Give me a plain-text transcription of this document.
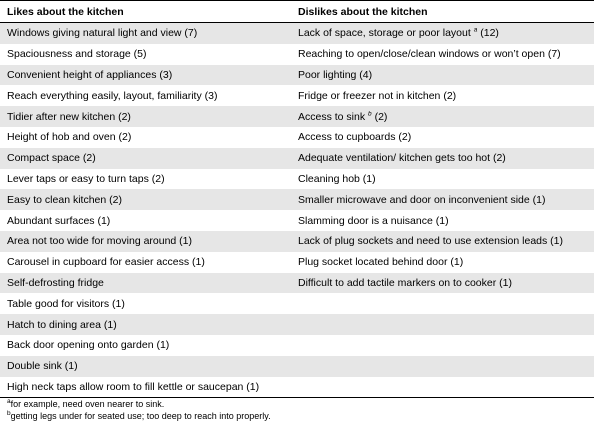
Likes about the kitchen	Dislikes about the kitchen
Windows giving natural light and view (7)	Lack of space, storage or poor layout $^a$ (12)
Spaciousness and storage (5)	Reaching to open/close/clean windows or won’t open (7)
Convenient height of appliances (3)	Poor lighting (4)
Reach everything easily, layout, familiarity (3)	Fridge or freezer not in kitchen (2)
Tidier after new kitchen (2)	Access to sink $^b$ (2)
Height of hob and oven (2)	Access to cupboards (2)
Compact space (2)	Adequate ventilation/ kitchen gets too hot (2)
Lever taps or easy to turn taps (2)	Cleaning hob (1)
Easy to clean kitchen (2)	Smaller microwave and door on inconvenient side (1)
Abundant surfaces (1)	Slamming door is a nuisance (1)
Area not too wide for moving around (1)	Lack of plug sockets and need to use extension leads (1)
Carousel in cupboard for easier access (1)	Plug socket located behind door (1)
Self-defrosting fridge	Difficult to add tactile markers on to cooker (1)
Table good for visitors (1)	
Hatch to dining area (1)	
Back door opening onto garden (1)	
Double sink (1)	
High neck taps allow room to fill kettle or saucepan (1)	
$^a$for example, need oven nearer to sink.
$^b$getting legs under for seated use; too deep to reach into properly.
